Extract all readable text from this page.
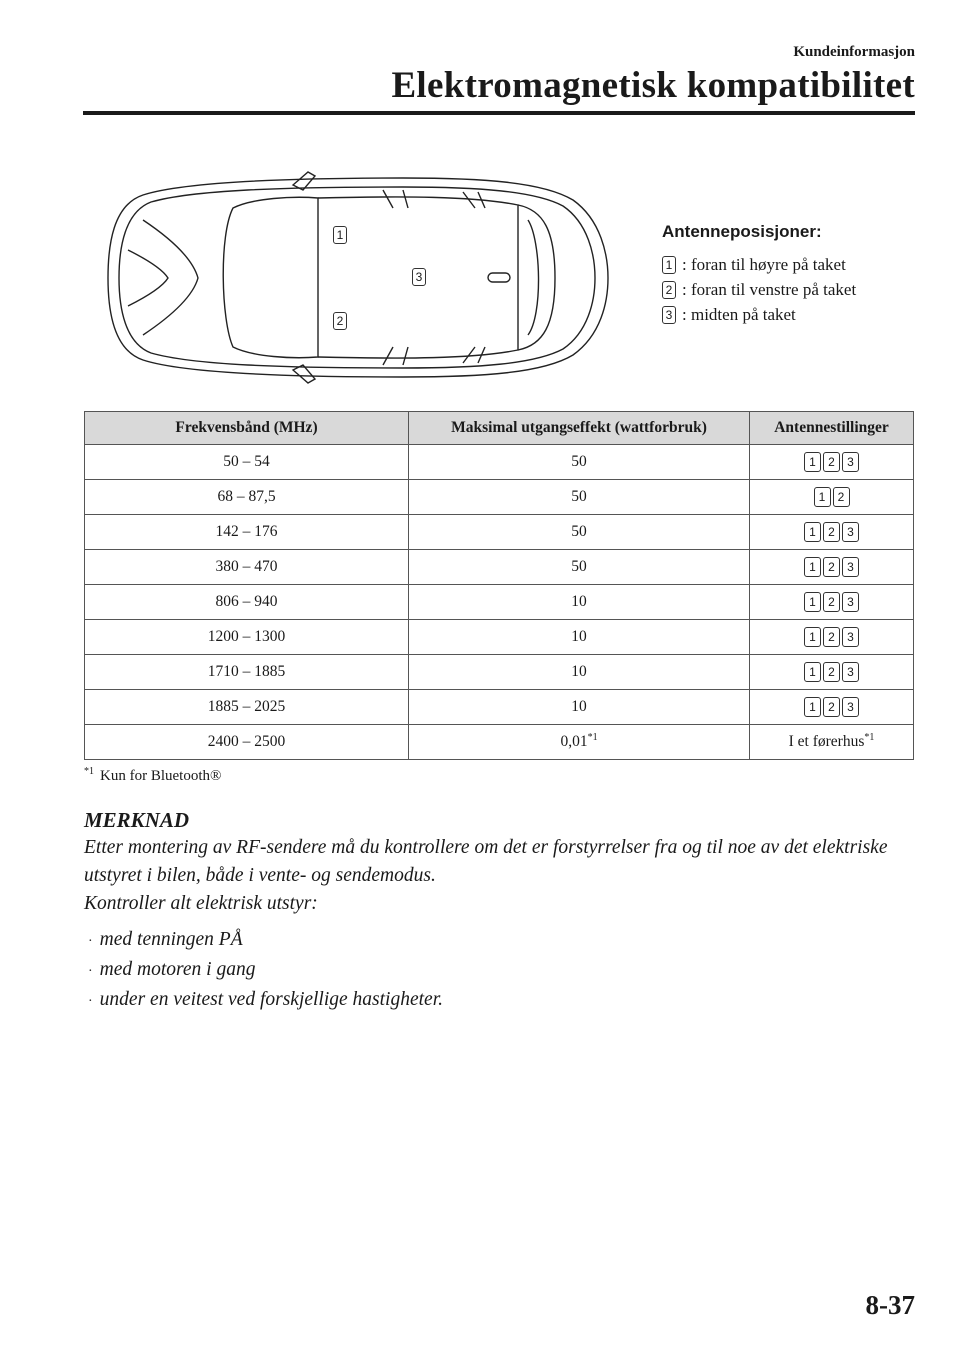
Kundeinformasjon
Elektromagnetisk kompatibilitet
1
2
3
Antenneposisjoner:
1 : foran til høyre på taket
2 : foran til venstre på taket
3 : midten på taket
Frekvensbånd (MHz)	Maksimal utgangseffekt (wattforbruk)	Antennestillinger
50 – 54	50	1 2 3

68 – 87,5	50	1 2

142 – 176	50	1 2 3

380 – 470	50	1 2 3

806 – 940	10	1 2 3

1200 – 1300	10	1 2 3

1710 – 1885	10	1 2 3

1885 – 2025	10	1 2 3

2400 – 2500	0,01$^{*1}$	I et førerhus$^{*1}$
$^{*1}$ Kun for Bluetooth®
MERKNAD
Etter montering av RF-sendere må du kontrollere om det er forstyrrelser fra og til noe av det elektriske utstyret i bilen, både i vente- og sendemodus.
Kontroller alt elektrisk utstyr:
· med tenningen PÅ
· med motoren i gang
· under en veitest ved forskjellige hastigheter.
8-37
